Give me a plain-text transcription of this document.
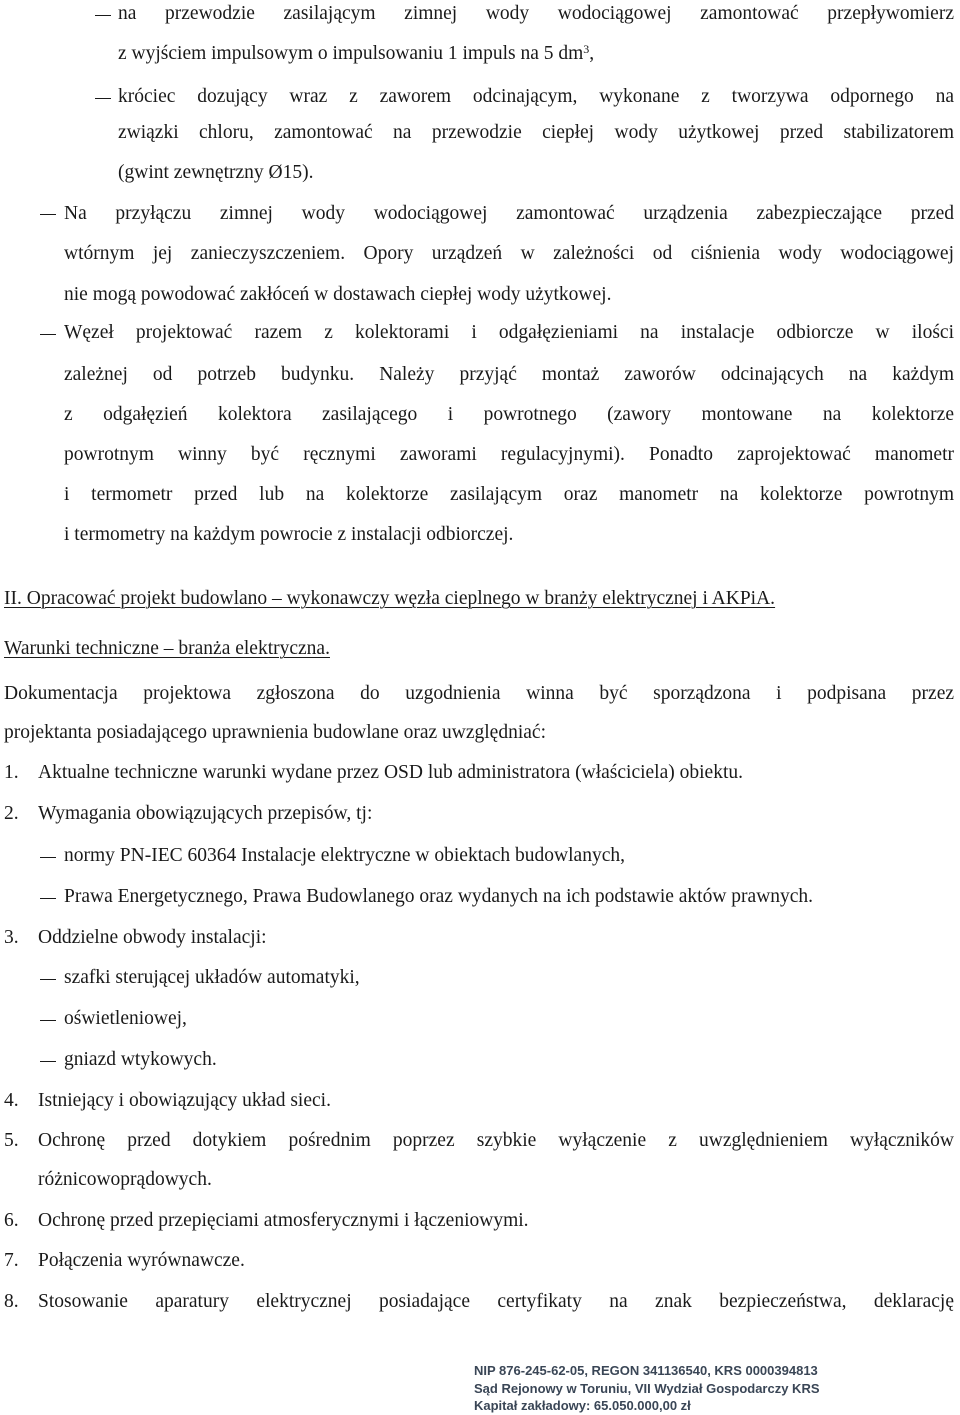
na przewodzie zasilającym zimnej wody wodociągowej zamontować przepływomierz
z wyjściem impulsowym o impulsowaniu 1 impuls na 5 $dm^3$,
króciec dozujący wraz z zaworem odcinającym, wykonane z tworzywa odpornego na
związki chloru, zamontować na przewodzie ciepłej wody użytkowej przed stabilizatorem
(gwint zewnętrzny Ø15).
Na przyłączu zimnej wody wodociągowej zamontować urządzenia zabezpieczające przed
wtórnym jej zanieczyszczeniem. Opory urządzeń w zależności od ciśnienia wody wodociągowej
nie mogą powodować zakłóceń w dostawach ciepłej wody użytkowej.
Węzeł projektować razem z kolektorami i odgałęzieniami na instalacje odbiorcze w ilości
zależnej od potrzeb budynku. Należy przyjąć montaż zaworów odcinających na każdym
z odgałęzień kolektora zasilającego i powrotnego (zawory montowane na kolektorze
powrotnym winny być ręcznymi zaworami regulacyjnymi). Ponadto zaprojektować manometr
i termometr przed lub na kolektorze zasilającym oraz manometr na kolektorze powrotnym
i termometry na każdym powrocie z instalacji odbiorczej.
II. Opracować projekt budowlano – wykonawczy węzła cieplnego w branży elektrycznej i AKPiA.
Warunki techniczne – branża elektryczna.
Dokumentacja projektowa zgłoszona do uzgodnienia winna być sporządzona i podpisana przez
projektanta posiadającego uprawnienia budowlane oraz uwzględniać:
1. Aktualne techniczne warunki wydane przez OSD lub administratora (właściciela) obiektu.
2. Wymagania obowiązujących przepisów, tj:
normy PN-IEC 60364 Instalacje elektryczne w obiektach budowlanych,
Prawa Energetycznego, Prawa Budowlanego oraz wydanych na ich podstawie aktów prawnych.
3. Oddzielne obwody instalacji:
szafki sterującej układów automatyki,
oświetleniowej,
gniazd wtykowych.
4. Istniejący i obowiązujący układ sieci.
5. Ochronę przed dotykiem pośrednim poprzez szybkie wyłączenie z uwzględnieniem wyłączników
różnicowoprądowych.
6. Ochronę przed przepięciami atmosferycznymi i łączeniowymi.
7. Połączenia wyrównawcze.
8. Stosowanie aparatury elektrycznej posiadające certyfikaty na znak bezpieczeństwa, deklarację
NIP 876-245-62-05, REGON 341136540, KRS 0000394813
Sąd Rejonowy w Toruniu, VII Wydział Gospodarczy KRS
Kapitał zakładowy: 65.050.000,00 zł
